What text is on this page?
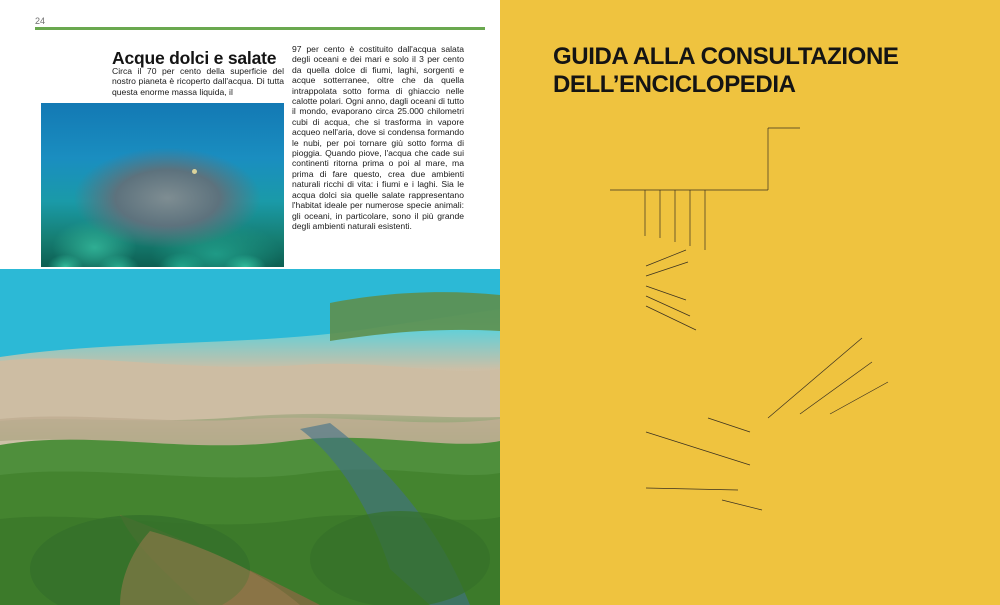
24
Acque dolci e salate
Circa il 70 per cento della superficie del nostro pianeta è ricoperto dall'acqua. Di tutta questa enorme massa liquida, il
97 per cento è costituito dall'acqua salata degli oceani e dei mari e solo il 3 per cento da quella dolce di fiumi, laghi, sorgenti e acque sotterranee, oltre che da quella intrappolata sotto forma di ghiaccio nelle calotte polari. Ogni anno, dagli oceani di tutto il mondo, evaporano circa 25.000 chilometri cubi di acqua, che si trasforma in vapore acqueo nell'aria, dove si condensa formando le nubi, per poi tornare giù sotto forma di pioggia. Quando piove, l'acqua che cade sui continenti ritorna prima o poi al mare, ma prima di fare questo, crea due ambienti naturali ricchi di vita: i fiumi e i laghi. Sia le acqua dolci sia quelle salate rappresentano l'habitat ideale per numerose specie animali: gli oceani, in particolare, sono il più grande degli ambienti naturali esistenti.
GUIDA ALLA CONSULTAZIONE DELL’ENCICLOPEDIA
